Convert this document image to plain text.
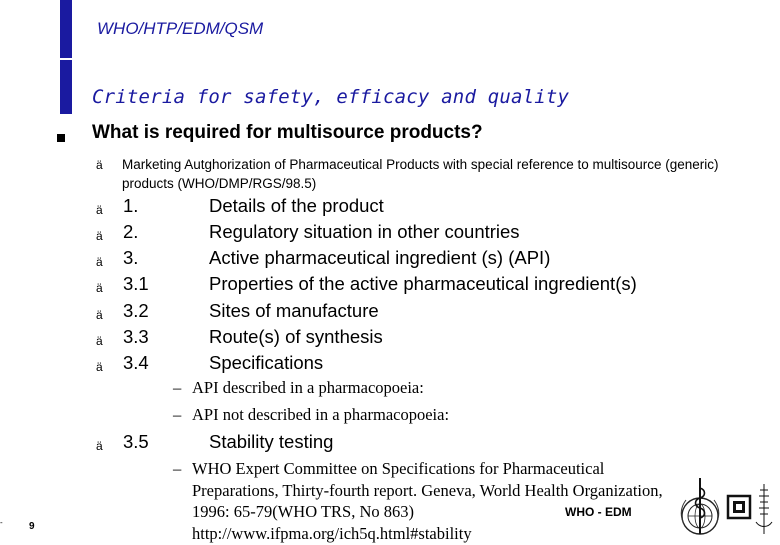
WHO/HTP/EDM/QSM
Criteria for safety, efficacy and quality
What is required for multisource products?
ä Marketing Autghorization of Pharmaceutical Products with special reference to multisource (generic) products (WHO/DMP/RGS/98.5)
ä 1.	Details of the product
ä 2.	Regulatory situation in other countries
ä 3.	Active pharmaceutical ingredient (s) (API)
ä 3.1	Properties of the active pharmaceutical ingredient(s)
ä 3.2	Sites of manufacture
ä 3.3	Route(s) of synthesis
ä 3.4	Specifications
– API described in a pharmacopoeia:
– API not described in a pharmacopoeia:
ä 3.5	Stability testing
– WHO Expert Committee on Specifications for Pharmaceutical
Preparations, Thirty-fourth report. Geneva, World Health Organization,
1996: 65-79(WHO TRS, No 863)
http://www.ifpma.org/ich5q.html#stability
-	9
WHO - EDM
